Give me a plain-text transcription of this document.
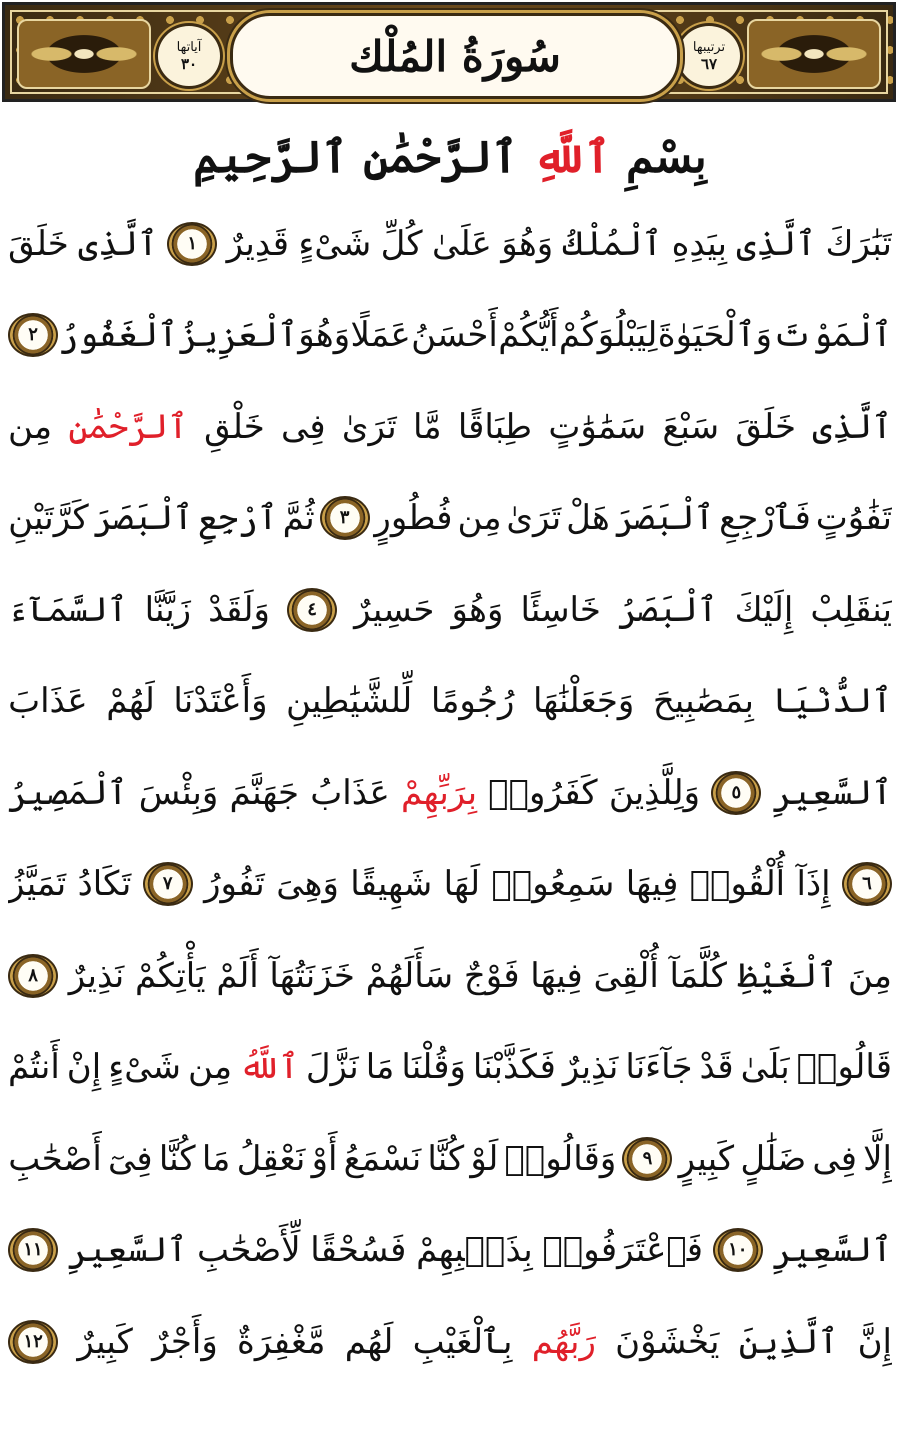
ترتيبها
٦٧
آياتها
٣٠	سُورَةُ المُلْك
بِسْمِ

ٱللَّهِ

ٱلرَّحْمَٰنِ ٱلرَّحِيمِ
تَبَٰرَكَ
ٱلَّذِى
بِيَدِهِ
ٱلْمُلْكُ
وَهُوَ
عَلَىٰ
كُلِّ
شَىْءٍ
قَدِيرٌ
١
ٱلَّذِى
خَلَقَ
ٱلْمَوْتَ
وَٱلْحَيَوٰةَ
لِيَبْلُوَكُمْ
أَيُّكُمْ
أَحْسَنُ
عَمَلًا
وَهُوَ
ٱلْعَزِيزُ
ٱلْغَفُورُ
٢
ٱلَّذِى
خَلَقَ
سَبْعَ
سَمَٰوَٰتٍ
طِبَاقًا
مَّا
تَرَىٰ
فِى
خَلْقِ
ٱلرَّحْمَٰنِ
مِن
تَفَٰوُتٍ
فَٱرْجِعِ
ٱلْبَصَرَ
هَلْ
تَرَىٰ
مِن
فُطُورٍ
٣
ثُمَّ
ٱرْجِعِ
ٱلْبَصَرَ
كَرَّتَيْنِ
يَنقَلِبْ
إِلَيْكَ
ٱلْبَصَرُ
خَاسِئًا
وَهُوَ
حَسِيرٌ
٤
وَلَقَدْ
زَيَّنَّا
ٱلسَّمَآءَ
ٱلدُّنْيَا
بِمَصَٰبِيحَ
وَجَعَلْنَٰهَا
رُجُومًا
لِّلشَّيَٰطِينِ
وَأَعْتَدْنَا
لَهُمْ
عَذَابَ
ٱلسَّعِيرِ
٥
وَلِلَّذِينَ
كَفَرُوا۟
بِرَبِّهِمْ
عَذَابُ
جَهَنَّمَ
وَبِئْسَ
ٱلْمَصِيرُ
٦
إِذَآ
أُلْقُوا۟
فِيهَا
سَمِعُوا۟
لَهَا
شَهِيقًا
وَهِىَ
تَفُورُ
٧
تَكَادُ
تَمَيَّزُ
مِنَ
ٱلْغَيْظِ
كُلَّمَآ
أُلْقِىَ
فِيهَا
فَوْجٌ
سَأَلَهُمْ
خَزَنَتُهَآ
أَلَمْ
يَأْتِكُمْ
نَذِيرٌ
٨
قَالُوا۟
بَلَىٰ
قَدْ
جَآءَنَا
نَذِيرٌ
فَكَذَّبْنَا
وَقُلْنَا
مَا
نَزَّلَ
ٱللَّهُ
مِن
شَىْءٍ
إِنْ
أَنتُمْ
إِلَّا
فِى
ضَلَٰلٍ
كَبِيرٍ
٩
وَقَالُوا۟
لَوْ
كُنَّا
نَسْمَعُ
أَوْ
نَعْقِلُ
مَا
كُنَّا
فِىٓ
أَصْحَٰبِ
ٱلسَّعِيرِ
١٠
فَٱعْتَرَفُوا۟
بِذَنۢبِهِمْ
فَسُحْقًا
لِّأَصْحَٰبِ
ٱلسَّعِيرِ
١١
إِنَّ
ٱلَّذِينَ
يَخْشَوْنَ
رَبَّهُم
بِٱلْغَيْبِ
لَهُم
مَّغْفِرَةٌ
وَأَجْرٌ
كَبِيرٌ
١٢
